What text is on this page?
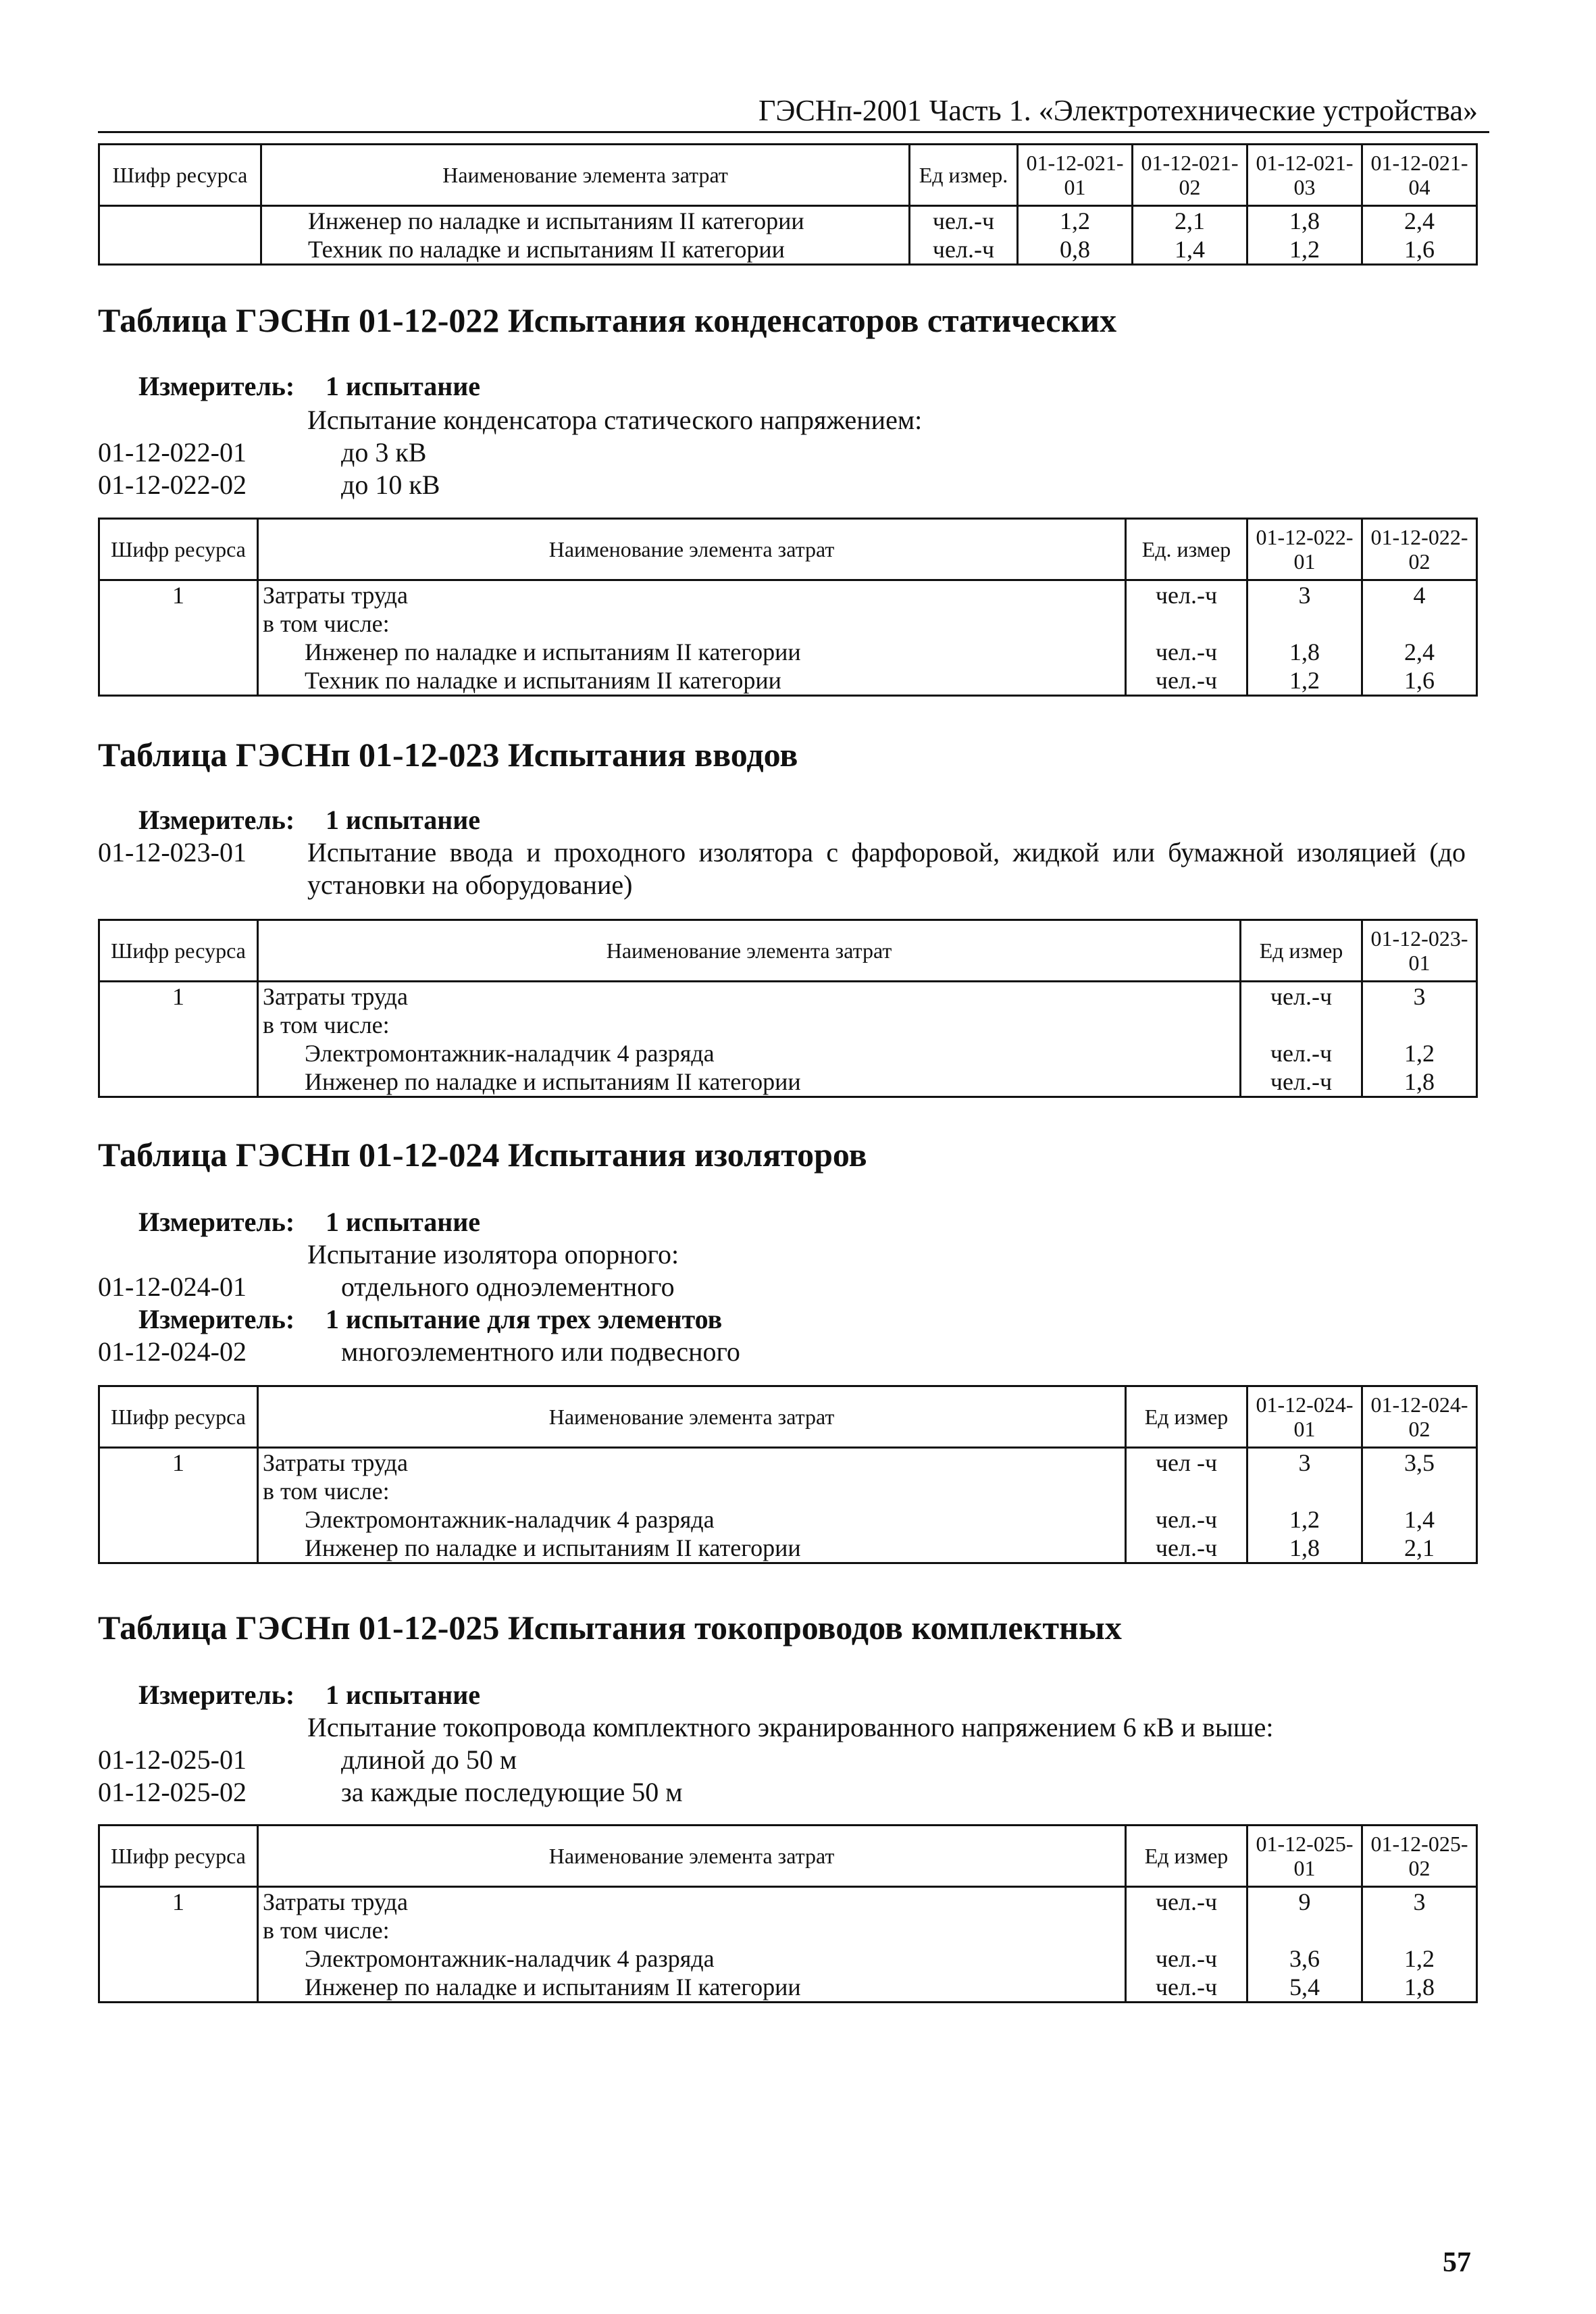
ГЭСНп-2001 Часть 1. «Электротехнические устройства»
Шифр ресурса	Наименование элемента затрат	Ед измер.	01-12-021-01	01-12-021-02	01-12-021-03	01-12-021-04
	Инженер по наладке и испытаниям II категории	чел.-ч	1,2	2,1	1,8	2,4
	Техник по наладке и испытаниям II категории	чел.-ч	0,8	1,4	1,2	1,6
Таблица ГЭСНп 01-12-022 Испытания конденсаторов статических
Измеритель: 1 испытание
Испытание конденсатора статического напряжением:
01-12-022-01	до 3 кВ
01-12-022-02	до 10 кВ
Шифр ресурса	Наименование элемента затрат	Ед. измер	01-12-022-01	01-12-022-02
1	Затраты труда	чел.-ч	3	4
	в том числе:			
	Инженер по наладке и испытаниям II категории	чел.-ч	1,8	2,4
	Техник по наладке и испытаниям II категории	чел.-ч	1,2	1,6
Таблица ГЭСНп 01-12-023 Испытания вводов
Измеритель: 1 испытание
01-12-023-01 Испытание ввода и проходного изолятора с фарфоровой, жидкой или бумажной изоляцией (до установки на оборудование)
Шифр ресурса	Наименование элемента затрат	Ед измер	01-12-023-01
1	Затраты труда	чел.-ч	3
	в том числе:		
	Электромонтажник-наладчик 4 разряда	чел.-ч	1,2
	Инженер по наладке и испытаниям II категории	чел.-ч	1,8
Таблица ГЭСНп 01-12-024 Испытания изоляторов
Измеритель: 1 испытание
Испытание изолятора опорного:
01-12-024-01	отдельного одноэлементного
Измеритель: 1 испытание для трех элементов
01-12-024-02	многоэлементного или подвесного
Шифр ресурса	Наименование элемента затрат	Ед измер	01-12-024-01	01-12-024-02
1	Затраты труда	чел -ч	3	3,5
	в том числе:			
	Электромонтажник-наладчик 4 разряда	чел.-ч	1,2	1,4
	Инженер по наладке и испытаниям II категории	чел.-ч	1,8	2,1
Таблица ГЭСНп 01-12-025 Испытания токопроводов комплектных
Измеритель: 1 испытание
Испытание токопровода комплектного экранированного напряжением 6 кВ и выше:
01-12-025-01	длиной до 50 м
01-12-025-02	за каждые последующие 50 м
Шифр ресурса	Наименование элемента затрат	Ед измер	01-12-025-01	01-12-025-02
1	Затраты труда	чел.-ч	9	3
	в том числе:			
	Электромонтажник-наладчик 4 разряда	чел.-ч	3,6	1,2
	Инженер по наладке и испытаниям II категории	чел.-ч	5,4	1,8
57
